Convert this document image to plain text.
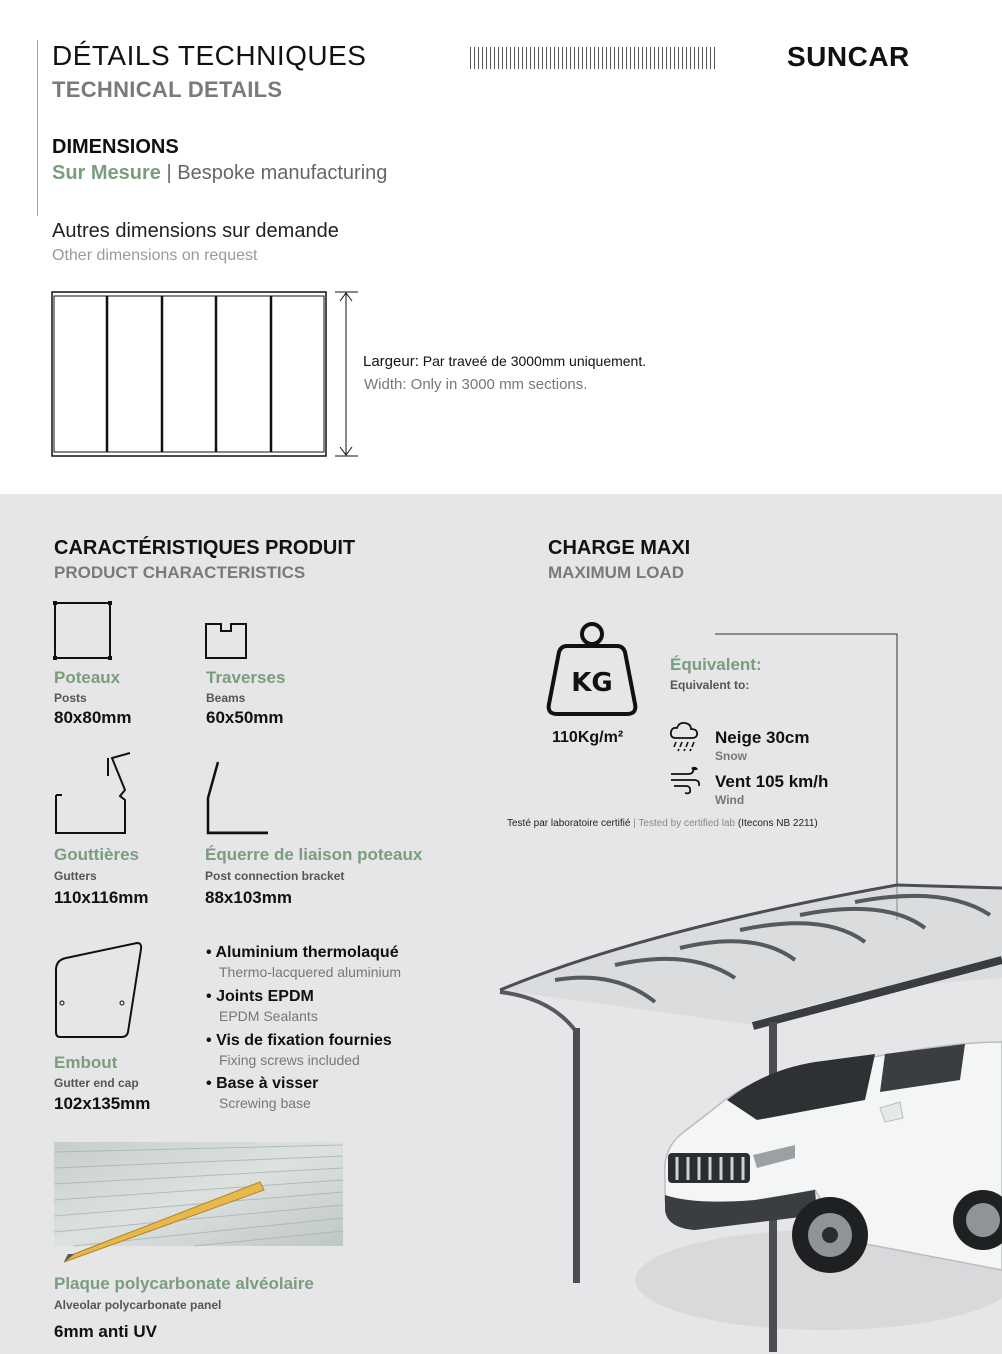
DÉTAILS TECHNIQUES
TECHNICAL DETAILS
SUNCAR
DIMENSIONS
Sur Mesure | Bespoke manufacturing
Autres dimensions sur demande
Other dimensions on request
Largeur: Par traveé de 3000mm uniquement.
Width: Only in 3000 mm sections.
CARACTÉRISTIQUES PRODUIT
PRODUCT CHARACTERISTICS
Poteaux
Posts
80x80mm
Traverses
Beams
60x50mm
Gouttières
Gutters
110x116mm
Équerre de liaison poteaux
Post connection bracket
88x103mm
Embout
Gutter end cap
102x135mm
• Aluminium thermolaqué
Thermo-lacquered aluminium
• Joints EPDM
EPDM Sealants
• Vis de fixation fournies
Fixing screws included
• Base à visser
Screwing base
Plaque polycarbonate alvéolaire
Alveolar polycarbonate panel
6mm anti UV
CHARGE MAXI
MAXIMUM LOAD
KG
110Kg/m²
Équivalent:
Equivalent to:
Neige 30cm
Snow
Vent 105 km/h
Wind
Testé par laboratoire certifié | Tested by certified lab (Itecons NB 2211)
